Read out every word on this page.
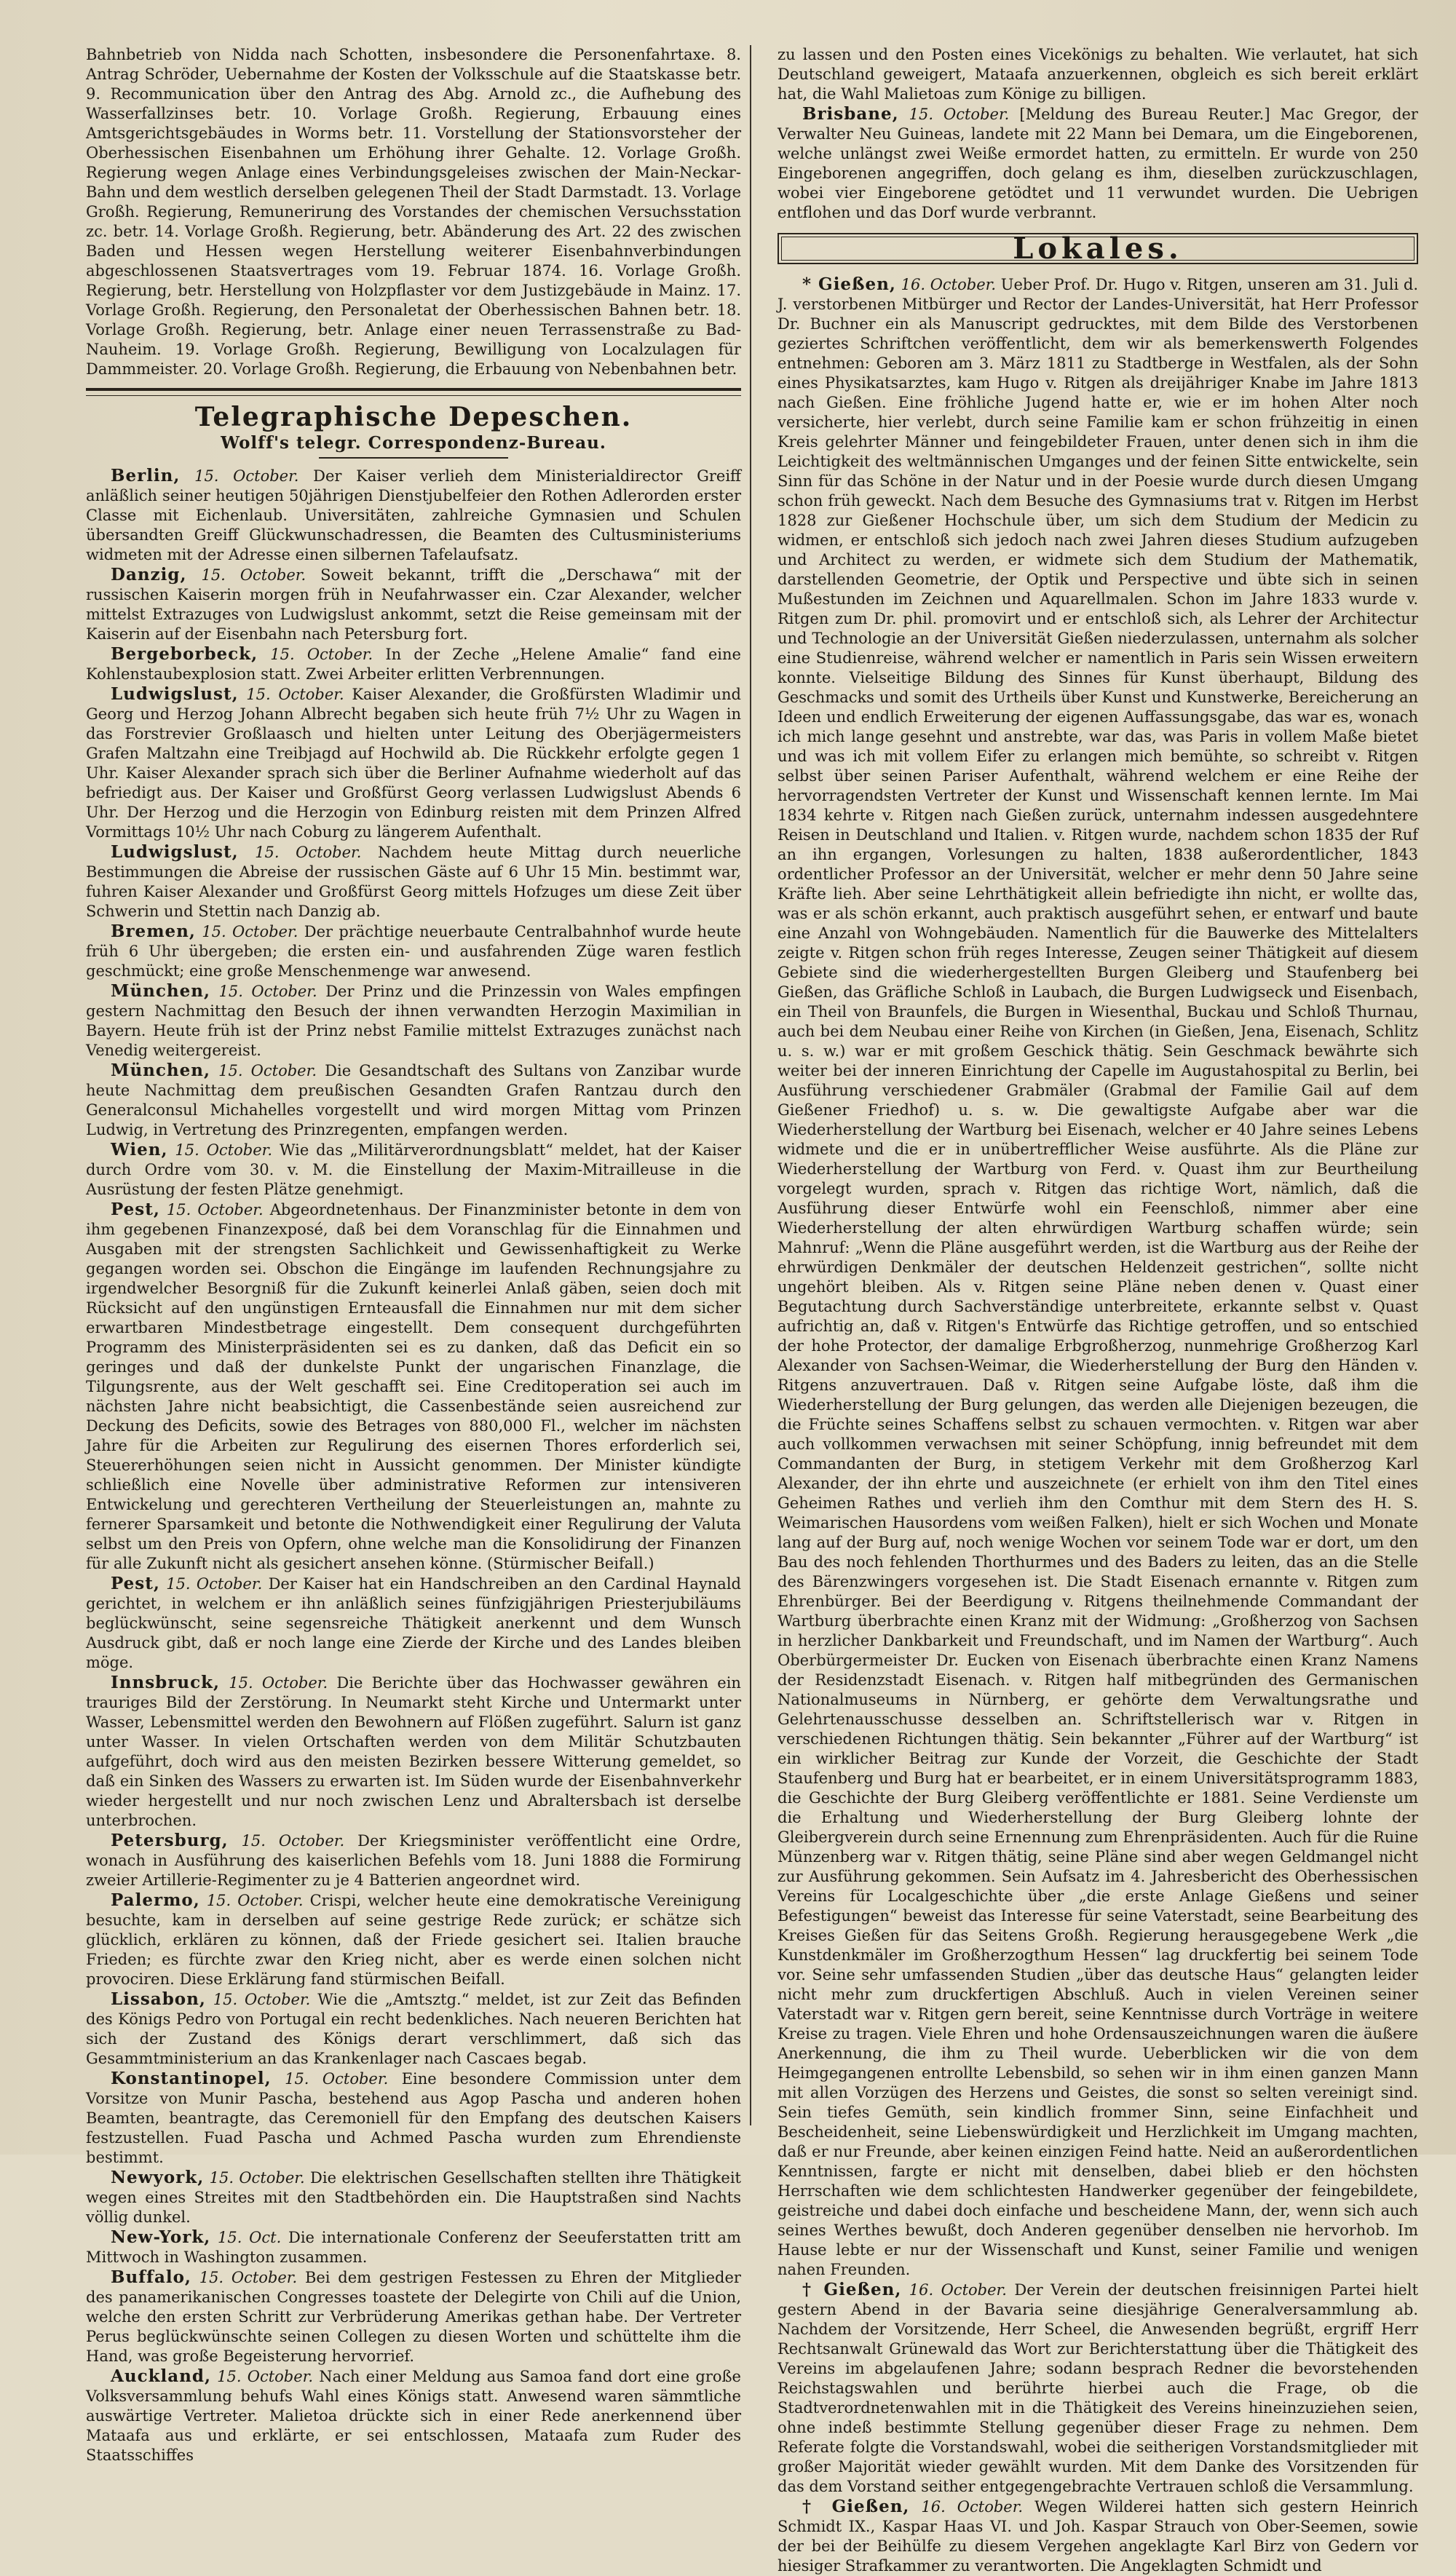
Bahnbetrieb von Nidda nach Schotten, insbesondere die Personenfahrtaxe. 8. Antrag Schröder, Uebernahme der Kosten der Volksschule auf die Staatskasse betr. 9. Recommunication über den Antrag des Abg. Arnold zc., die Aufhebung des Wasserfallzinses betr. 10. Vorlage Großh. Regierung, Erbauung eines Amtsgerichtsgebäudes in Worms betr. 11. Vorstellung der Stationsvorsteher der Oberhessischen Eisenbahnen um Erhöhung ihrer Gehalte. 12. Vorlage Großh. Regierung wegen Anlage eines Verbindungsgeleises zwischen der Main-Neckar-Bahn und dem westlich derselben gelegenen Theil der Stadt Darmstadt. 13. Vorlage Großh. Regierung, Remunerirung des Vorstandes der chemischen Versuchsstation zc. betr. 14. Vorlage Großh. Regierung, betr. Abänderung des Art. 22 des zwischen Baden und Hessen wegen Herstellung weiterer Eisenbahnverbindungen abgeschlossenen Staatsvertrages vom 19. Februar 1874. 16. Vorlage Großh. Regierung, betr. Herstellung von Holzpflaster vor dem Justizgebäude in Mainz. 17. Vorlage Großh. Regierung, den Personaletat der Oberhessischen Bahnen betr. 18. Vorlage Großh. Regierung, betr. Anlage einer neuen Terrassenstraße zu Bad-Nauheim. 19. Vorlage Großh. Regierung, Bewilligung von Localzulagen für Dammmeister. 20. Vorlage Großh. Regierung, die Erbauung von Nebenbahnen betr.

Telegraphische Depeschen.
Wolff's telegr. Correspondenz-Bureau.

Berlin, 15. October. Der Kaiser verlieh dem Ministerialdirector Greiff anläßlich seiner heutigen 50jährigen Dienstjubelfeier den Rothen Adlerorden erster Classe mit Eichenlaub. Universitäten, zahlreiche Gymnasien und Schulen übersandten Greiff Glückwunschadressen, die Beamten des Cultusministeriums widmeten mit der Adresse einen silbernen Tafelaufsatz.

Danzig, 15. October. Soweit bekannt, trifft die „Derschawa“ mit der russischen Kaiserin morgen früh in Neufahrwasser ein. Czar Alexander, welcher mittelst Extrazuges von Ludwigslust ankommt, setzt die Reise gemeinsam mit der Kaiserin auf der Eisenbahn nach Petersburg fort.

Bergeborbeck, 15. October. In der Zeche „Helene Amalie“ fand eine Kohlenstaubexplosion statt. Zwei Arbeiter erlitten Verbrennungen.

Ludwigslust, 15. October. Kaiser Alexander, die Großfürsten Wladimir und Georg und Herzog Johann Albrecht begaben sich heute früh 7½ Uhr zu Wagen in das Forstrevier Großlaasch und hielten unter Leitung des Oberjägermeisters Grafen Maltzahn eine Treibjagd auf Hochwild ab. Die Rückkehr erfolgte gegen 1 Uhr. Kaiser Alexander sprach sich über die Berliner Aufnahme wiederholt auf das befriedigt aus. Der Kaiser und Großfürst Georg verlassen Ludwigslust Abends 6 Uhr. Der Herzog und die Herzogin von Edinburg reisten mit dem Prinzen Alfred Vormittags 10½ Uhr nach Coburg zu längerem Aufenthalt.

Ludwigslust, 15. October. Nachdem heute Mittag durch neuerliche Bestimmungen die Abreise der russischen Gäste auf 6 Uhr 15 Min. bestimmt war, fuhren Kaiser Alexander und Großfürst Georg mittels Hofzuges um diese Zeit über Schwerin und Stettin nach Danzig ab.

Bremen, 15. October. Der prächtige neuerbaute Centralbahnhof wurde heute früh 6 Uhr übergeben; die ersten ein- und ausfahrenden Züge waren festlich geschmückt; eine große Menschenmenge war anwesend.

München, 15. October. Der Prinz und die Prinzessin von Wales empfingen gestern Nachmittag den Besuch der ihnen verwandten Herzogin Maximilian in Bayern. Heute früh ist der Prinz nebst Familie mittelst Extrazuges zunächst nach Venedig weitergereist.

München, 15. October. Die Gesandtschaft des Sultans von Zanzibar wurde heute Nachmittag dem preußischen Gesandten Grafen Rantzau durch den Generalconsul Michahelles vorgestellt und wird morgen Mittag vom Prinzen Ludwig, in Vertretung des Prinzregenten, empfangen werden.

Wien, 15. October. Wie das „Militärverordnungsblatt“ meldet, hat der Kaiser durch Ordre vom 30. v. M. die Einstellung der Maxim-Mitrailleuse in die Ausrüstung der festen Plätze genehmigt.

Pest, 15. October. Abgeordnetenhaus. Der Finanzminister betonte in dem von ihm gegebenen Finanzexposé, daß bei dem Voranschlag für die Einnahmen und Ausgaben mit der strengsten Sachlichkeit und Gewissenhaftigkeit zu Werke gegangen worden sei. Obschon die Eingänge im laufenden Rechnungsjahre zu irgendwelcher Besorgniß für die Zukunft keinerlei Anlaß gäben, seien doch mit Rücksicht auf den ungünstigen Ernteausfall die Einnahmen nur mit dem sicher erwartbaren Mindestbetrage eingestellt. Dem consequent durchgeführten Programm des Ministerpräsidenten sei es zu danken, daß das Deficit ein so geringes und daß der dunkelste Punkt der ungarischen Finanzlage, die Tilgungsrente, aus der Welt geschafft sei. Eine Creditoperation sei auch im nächsten Jahre nicht beabsichtigt, die Cassenbestände seien ausreichend zur Deckung des Deficits, sowie des Betrages von 880,000 Fl., welcher im nächsten Jahre für die Arbeiten zur Regulirung des eisernen Thores erforderlich sei, Steuererhöhungen seien nicht in Aussicht genommen. Der Minister kündigte schließlich eine Novelle über administrative Reformen zur intensiveren Entwickelung und gerechteren Vertheilung der Steuerleistungen an, mahnte zu fernerer Sparsamkeit und betonte die Nothwendigkeit einer Regulirung der Valuta selbst um den Preis von Opfern, ohne welche man die Konsolidirung der Finanzen für alle Zukunft nicht als gesichert ansehen könne. (Stürmischer Beifall.)

Pest, 15. October. Der Kaiser hat ein Handschreiben an den Cardinal Haynald gerichtet, in welchem er ihn anläßlich seines fünfzigjährigen Priesterjubiläums beglückwünscht, seine segensreiche Thätigkeit anerkennt und dem Wunsch Ausdruck gibt, daß er noch lange eine Zierde der Kirche und des Landes bleiben möge.

Innsbruck, 15. October. Die Berichte über das Hochwasser gewähren ein trauriges Bild der Zerstörung. In Neumarkt steht Kirche und Untermarkt unter Wasser, Lebensmittel werden den Bewohnern auf Flößen zugeführt. Salurn ist ganz unter Wasser. In vielen Ortschaften werden von dem Militär Schutzbauten aufgeführt, doch wird aus den meisten Bezirken bessere Witterung gemeldet, so daß ein Sinken des Wassers zu erwarten ist. Im Süden wurde der Eisenbahnverkehr wieder hergestellt und nur noch zwischen Lenz und Abraltersbach ist derselbe unterbrochen.

Petersburg, 15. October. Der Kriegsminister veröffentlicht eine Ordre, wonach in Ausführung des kaiserlichen Befehls vom 18. Juni 1888 die Formirung zweier Artillerie-Regimenter zu je 4 Batterien angeordnet wird.

Palermo, 15. October. Crispi, welcher heute eine demokratische Vereinigung besuchte, kam in derselben auf seine gestrige Rede zurück; er schätze sich glücklich, erklären zu können, daß der Friede gesichert sei. Italien brauche Frieden; es fürchte zwar den Krieg nicht, aber es werde einen solchen nicht provociren. Diese Erklärung fand stürmischen Beifall.

Lissabon, 15. October. Wie die „Amtsztg.“ meldet, ist zur Zeit das Befinden des Königs Pedro von Portugal ein recht bedenkliches. Nach neueren Berichten hat sich der Zustand des Königs derart verschlimmert, daß sich das Gesammtministerium an das Krankenlager nach Cascaes begab.

Konstantinopel, 15. October. Eine besondere Commission unter dem Vorsitze von Munir Pascha, bestehend aus Agop Pascha und anderen hohen Beamten, beantragte, das Ceremoniell für den Empfang des deutschen Kaisers festzustellen. Fuad Pascha und Achmed Pascha wurden zum Ehrendienste bestimmt.

Newyork, 15. October. Die elektrischen Gesellschaften stellten ihre Thätigkeit wegen eines Streites mit den Stadtbehörden ein. Die Hauptstraßen sind Nachts völlig dunkel.

New-York, 15. Oct. Die internationale Conferenz der Seeuferstatten tritt am Mittwoch in Washington zusammen.

Buffalo, 15. October. Bei dem gestrigen Festessen zu Ehren der Mitglieder des panamerikanischen Congresses toastete der Delegirte von Chili auf die Union, welche den ersten Schritt zur Verbrüderung Amerikas gethan habe. Der Vertreter Perus beglückwünschte seinen Collegen zu diesen Worten und schüttelte ihm die Hand, was große Begeisterung hervorrief.

Auckland, 15. October. Nach einer Meldung aus Samoa fand dort eine große Volksversammlung behufs Wahl eines Königs statt. Anwesend waren sämmtliche auswärtige Vertreter. Malietoa drückte sich in einer Rede anerkennend über Mataafa aus und erklärte, er sei entschlossen, Mataafa zum Ruder des Staatsschiffes

zu lassen und den Posten eines Vicekönigs zu behalten. Wie verlautet, hat sich Deutschland geweigert, Mataafa anzuerkennen, obgleich es sich bereit erklärt hat, die Wahl Malietoas zum Könige zu billigen.

Brisbane, 15. October. [Meldung des Bureau Reuter.] Mac Gregor, der Verwalter Neu Guineas, landete mit 22 Mann bei Demara, um die Eingeborenen, welche unlängst zwei Weiße ermordet hatten, zu ermitteln. Er wurde von 250 Eingeborenen angegriffen, doch gelang es ihm, dieselben zurückzuschlagen, wobei vier Eingeborene getödtet und 11 verwundet wurden. Die Uebrigen entflohen und das Dorf wurde verbrannt.

Lokales.

* Gießen, 16. October. Ueber Prof. Dr. Hugo v. Ritgen, unseren am 31. Juli d. J. verstorbenen Mitbürger und Rector der Landes-Universität, hat Herr Professor Dr. Buchner ein als Manuscript gedrucktes, mit dem Bilde des Verstorbenen geziertes Schriftchen veröffentlicht, dem wir als bemerkenswerth Folgendes entnehmen: Geboren am 3. März 1811 zu Stadtberge in Westfalen, als der Sohn eines Physikatsarztes, kam Hugo v. Ritgen als dreijähriger Knabe im Jahre 1813 nach Gießen. Eine fröhliche Jugend hatte er, wie er im hohen Alter noch versicherte, hier verlebt, durch seine Familie kam er schon frühzeitig in einen Kreis gelehrter Männer und feingebildeter Frauen, unter denen sich in ihm die Leichtigkeit des weltmännischen Umganges und der feinen Sitte entwickelte, sein Sinn für das Schöne in der Natur und in der Poesie wurde durch diesen Umgang schon früh geweckt. Nach dem Besuche des Gymnasiums trat v. Ritgen im Herbst 1828 zur Gießener Hochschule über, um sich dem Studium der Medicin zu widmen, er entschloß sich jedoch nach zwei Jahren dieses Studium aufzugeben und Architect zu werden, er widmete sich dem Studium der Mathematik, darstellenden Geometrie, der Optik und Perspective und übte sich in seinen Mußestunden im Zeichnen und Aquarellmalen. Schon im Jahre 1833 wurde v. Ritgen zum Dr. phil. promovirt und er entschloß sich, als Lehrer der Architectur und Technologie an der Universität Gießen niederzulassen, unternahm als solcher eine Studienreise, während welcher er namentlich in Paris sein Wissen erweitern konnte. Vielseitige Bildung des Sinnes für Kunst überhaupt, Bildung des Geschmacks und somit des Urtheils über Kunst und Kunstwerke, Bereicherung an Ideen und endlich Erweiterung der eigenen Auffassungsgabe, das war es, wonach ich mich lange gesehnt und anstrebte, war das, was Paris in vollem Maße bietet und was ich mit vollem Eifer zu erlangen mich bemühte, so schreibt v. Ritgen selbst über seinen Pariser Aufenthalt, während welchem er eine Reihe der hervorragendsten Vertreter der Kunst und Wissenschaft kennen lernte. Im Mai 1834 kehrte v. Ritgen nach Gießen zurück, unternahm indessen ausgedehntere Reisen in Deutschland und Italien. v. Ritgen wurde, nachdem schon 1835 der Ruf an ihn ergangen, Vorlesungen zu halten, 1838 außerordentlicher, 1843 ordentlicher Professor an der Universität, welcher er mehr denn 50 Jahre seine Kräfte lieh. Aber seine Lehrthätigkeit allein befriedigte ihn nicht, er wollte das, was er als schön erkannt, auch praktisch ausgeführt sehen, er entwarf und baute eine Anzahl von Wohngebäuden. Namentlich für die Bauwerke des Mittelalters zeigte v. Ritgen schon früh reges Interesse, Zeugen seiner Thätigkeit auf diesem Gebiete sind die wiederhergestellten Burgen Gleiberg und Staufenberg bei Gießen, das Gräfliche Schloß in Laubach, die Burgen Ludwigseck und Eisenbach, ein Theil von Braunfels, die Burgen in Wiesenthal, Buckau und Schloß Thurnau, auch bei dem Neubau einer Reihe von Kirchen (in Gießen, Jena, Eisenach, Schlitz u. s. w.) war er mit großem Geschick thätig. Sein Geschmack bewährte sich weiter bei der inneren Einrichtung der Capelle im Augustahospital zu Berlin, bei Ausführung verschiedener Grabmäler (Grabmal der Familie Gail auf dem Gießener Friedhof) u. s. w. Die gewaltigste Aufgabe aber war die Wiederherstellung der Wartburg bei Eisenach, welcher er 40 Jahre seines Lebens widmete und die er in unübertrefflicher Weise ausführte. Als die Pläne zur Wiederherstellung der Wartburg von Ferd. v. Quast ihm zur Beurtheilung vorgelegt wurden, sprach v. Ritgen das richtige Wort, nämlich, daß die Ausführung dieser Entwürfe wohl ein Feenschloß, nimmer aber eine Wiederherstellung der alten ehrwürdigen Wartburg schaffen würde; sein Mahnruf: „Wenn die Pläne ausgeführt werden, ist die Wartburg aus der Reihe der ehrwürdigen Denkmäler der deutschen Heldenzeit gestrichen“, sollte nicht ungehört bleiben. Als v. Ritgen seine Pläne neben denen v. Quast einer Begutachtung durch Sachverständige unterbreitete, erkannte selbst v. Quast aufrichtig an, daß v. Ritgen's Entwürfe das Richtige getroffen, und so entschied der hohe Protector, der damalige Erbgroßherzog, nunmehrige Großherzog Karl Alexander von Sachsen-Weimar, die Wiederherstellung der Burg den Händen v. Ritgens anzuvertrauen. Daß v. Ritgen seine Aufgabe löste, daß ihm die Wiederherstellung der Burg gelungen, das werden alle Diejenigen bezeugen, die die Früchte seines Schaffens selbst zu schauen vermochten. v. Ritgen war aber auch vollkommen verwachsen mit seiner Schöpfung, innig befreundet mit dem Commandanten der Burg, in stetigem Verkehr mit dem Großherzog Karl Alexander, der ihn ehrte und auszeichnete (er erhielt von ihm den Titel eines Geheimen Rathes und verlieh ihm den Comthur mit dem Stern des H. S. Weimarischen Hausordens vom weißen Falken), hielt er sich Wochen und Monate lang auf der Burg auf, noch wenige Wochen vor seinem Tode war er dort, um den Bau des noch fehlenden Thorthurmes und des Baders zu leiten, das an die Stelle des Bärenzwingers vorgesehen ist. Die Stadt Eisenach ernannte v. Ritgen zum Ehrenbürger. Bei der Beerdigung v. Ritgens theilnehmende Commandant der Wartburg überbrachte einen Kranz mit der Widmung: „Großherzog von Sachsen in herzlicher Dankbarkeit und Freundschaft, und im Namen der Wartburg“. Auch Oberbürgermeister Dr. Eucken von Eisenach überbrachte einen Kranz Namens der Residenzstadt Eisenach. v. Ritgen half mitbegründen des Germanischen Nationalmuseums in Nürnberg, er gehörte dem Verwaltungsrathe und Gelehrtenausschusse desselben an. Schriftstellerisch war v. Ritgen in verschiedenen Richtungen thätig. Sein bekannter „Führer auf der Wartburg“ ist ein wirklicher Beitrag zur Kunde der Vorzeit, die Geschichte der Stadt Staufenberg und Burg hat er bearbeitet, er in einem Universitätsprogramm 1883, die Geschichte der Burg Gleiberg veröffentlichte er 1881. Seine Verdienste um die Erhaltung und Wiederherstellung der Burg Gleiberg lohnte der Gleibergverein durch seine Ernennung zum Ehrenpräsidenten. Auch für die Ruine Münzenberg war v. Ritgen thätig, seine Pläne sind aber wegen Geldmangel nicht zur Ausführung gekommen. Sein Aufsatz im 4. Jahresbericht des Oberhessischen Vereins für Localgeschichte über „die erste Anlage Gießens und seiner Befestigungen“ beweist das Interesse für seine Vaterstadt, seine Bearbeitung des Kreises Gießen für das Seitens Großh. Regierung herausgegebene Werk „die Kunstdenkmäler im Großherzogthum Hessen“ lag druckfertig bei seinem Tode vor. Seine sehr umfassenden Studien „über das deutsche Haus“ gelangten leider nicht mehr zum druckfertigen Abschluß. Auch in vielen Vereinen seiner Vaterstadt war v. Ritgen gern bereit, seine Kenntnisse durch Vorträge in weitere Kreise zu tragen. Viele Ehren und hohe Ordensauszeichnungen waren die äußere Anerkennung, die ihm zu Theil wurde. Ueberblicken wir die von dem Heimgegangenen entrollte Lebensbild, so sehen wir in ihm einen ganzen Mann mit allen Vorzügen des Herzens und Geistes, die sonst so selten vereinigt sind. Sein tiefes Gemüth, sein kindlich frommer Sinn, seine Einfachheit und Bescheidenheit, seine Liebenswürdigkeit und Herzlichkeit im Umgang machten, daß er nur Freunde, aber keinen einzigen Feind hatte. Neid an außerordentlichen Kenntnissen, fargte er nicht mit denselben, dabei blieb er den höchsten Herrschaften wie dem schlichtesten Handwerker gegenüber der feingebildete, geistreiche und dabei doch einfache und bescheidene Mann, der, wenn sich auch seines Werthes bewußt, doch Anderen gegenüber denselben nie hervorhob. Im Hause lebte er nur der Wissenschaft und Kunst, seiner Familie und wenigen nahen Freunden.

† Gießen, 16. October. Der Verein der deutschen freisinnigen Partei hielt gestern Abend in der Bavaria seine diesjährige Generalversammlung ab. Nachdem der Vorsitzende, Herr Scheel, die Anwesenden begrüßt, ergriff Herr Rechtsanwalt Grünewald das Wort zur Berichterstattung über die Thätigkeit des Vereins im abgelaufenen Jahre; sodann besprach Redner die bevorstehenden Reichstagswahlen und berührte hierbei auch die Frage, ob die Stadtverordnetenwahlen mit in die Thätigkeit des Vereins hineinzuziehen seien, ohne indeß bestimmte Stellung gegenüber dieser Frage zu nehmen. Dem Referate folgte die Vorstandswahl, wobei die seitherigen Vorstandsmitglieder mit großer Majorität wieder gewählt wurden. Mit dem Danke des Vorsitzenden für das dem Vorstand seither entgegengebrachte Vertrauen schloß die Versammlung.

† Gießen, 16. October. Wegen Wilderei hatten sich gestern Heinrich Schmidt IX., Kaspar Haas VI. und Joh. Kaspar Strauch von Ober-Seemen, sowie der bei der Beihülfe zu diesem Vergehen angeklagte Karl Birz von Gedern vor hiesiger Strafkammer zu verantworten. Die Angeklagten Schmidt und
